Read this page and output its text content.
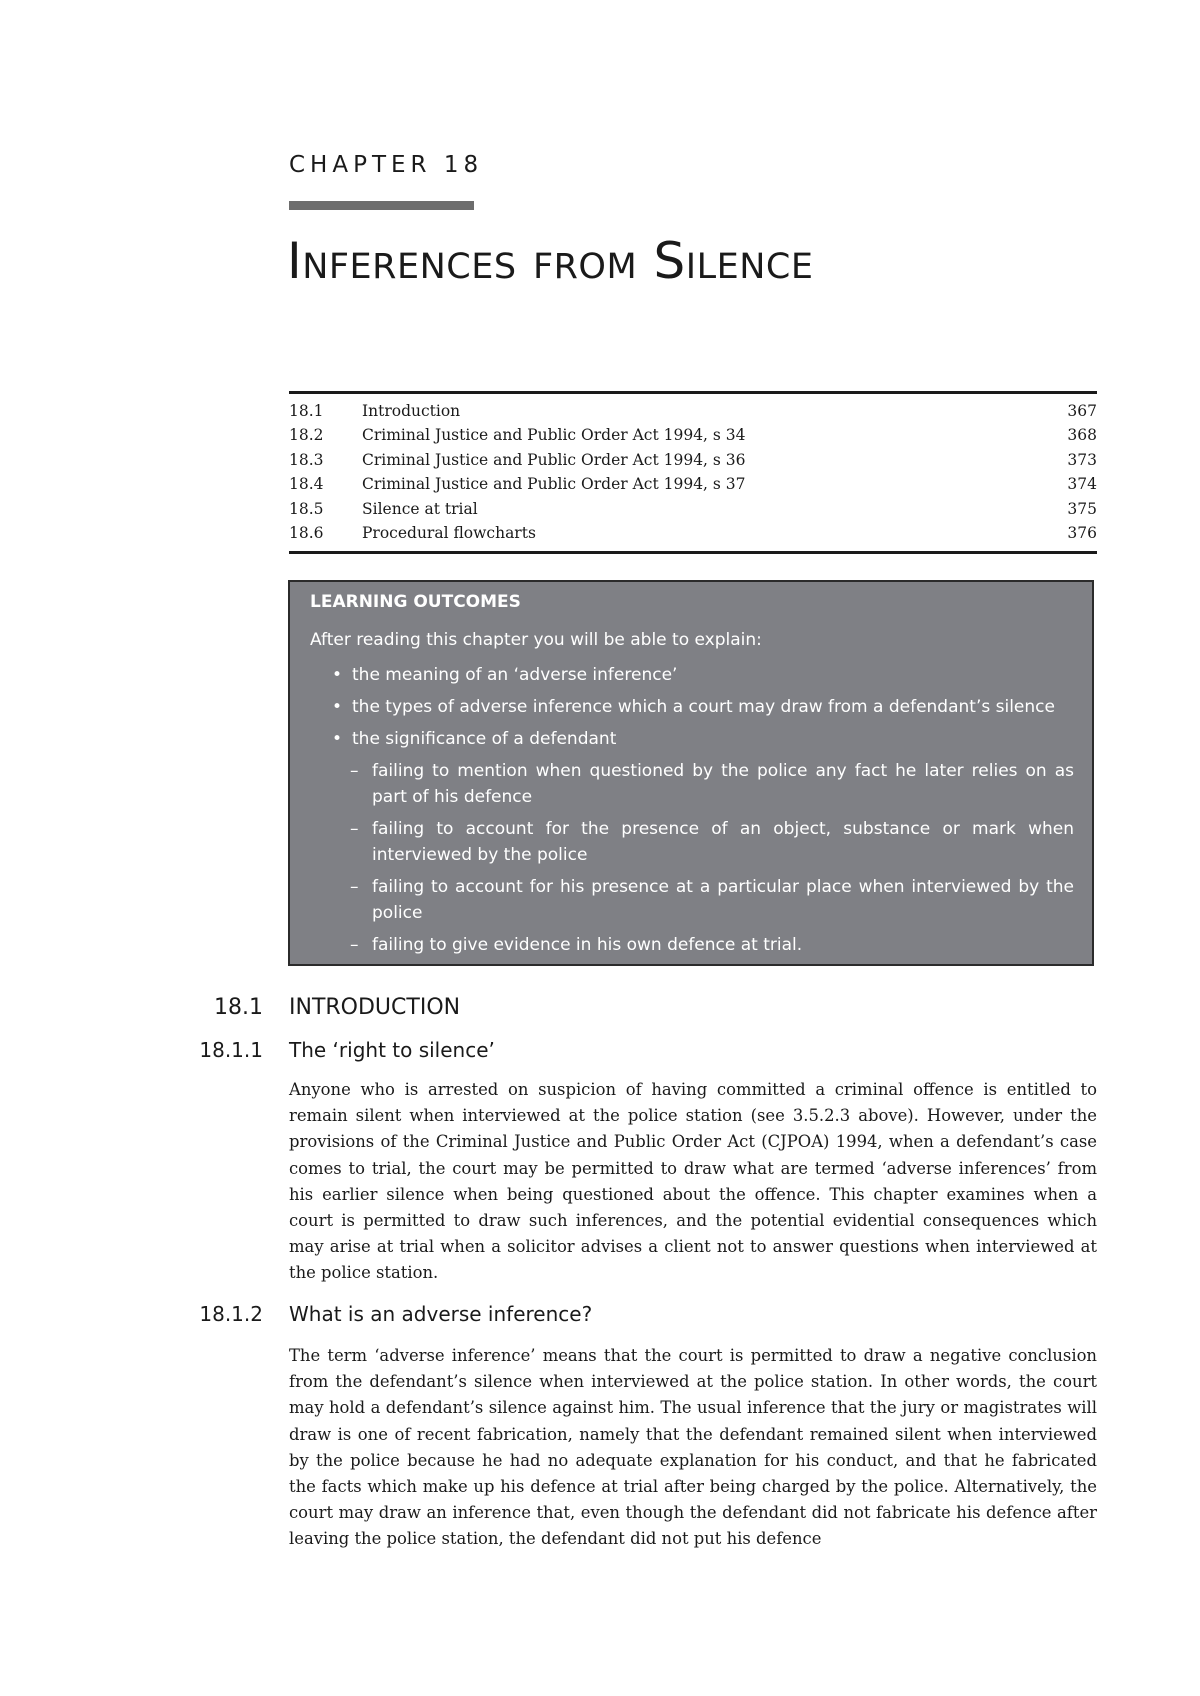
CHAPTER 18
Inferences from Silence
18.1 Introduction	367
18.2 Criminal Justice and Public Order Act 1994, s 34	368
18.3 Criminal Justice and Public Order Act 1994, s 36	373
18.4 Criminal Justice and Public Order Act 1994, s 37	374
18.5 Silence at trial	375
18.6 Procedural flowcharts	376
LEARNING OUTCOMES
After reading this chapter you will be able to explain:
• the meaning of an ‘adverse inference’
• the types of adverse inference which a court may draw from a defendant’s silence
• the significance of a defendant
– failing to mention when questioned by the police any fact he later relies on as part of his defence
– failing to account for the presence of an object, substance or mark when interviewed by the police
– failing to account for his presence at a particular place when interviewed by the police
– failing to give evidence in his own defence at trial.
18.1 INTRODUCTION
18.1.1 The ‘right to silence’

Anyone who is arrested on suspicion of having committed a criminal offence is entitled to remain silent when interviewed at the police station (see 3.5.2.3 above). However, under the provisions of the Criminal Justice and Public Order Act (CJPOA) 1994, when a defendant’s case comes to trial, the court may be permitted to draw what are termed ‘adverse inferences’ from his earlier silence when being questioned about the offence. This chapter examines when a court is permitted to draw such inferences, and the potential evidential consequences which may arise at trial when a solicitor advises a client not to answer questions when interviewed at the police station.

18.1.2 What is an adverse inference?

The term ‘adverse inference’ means that the court is permitted to draw a negative conclusion from the defendant’s silence when interviewed at the police station. In other words, the court may hold a defendant’s silence against him. The usual inference that the jury or magistrates will draw is one of recent fabrication, namely that the defendant remained silent when interviewed by the police because he had no adequate explanation for his conduct, and that he fabricated the facts which make up his defence at trial after being charged by the police. Alternatively, the court may draw an inference that, even though the defendant did not fabricate his defence after leaving the police station, the defendant did not put his defence
